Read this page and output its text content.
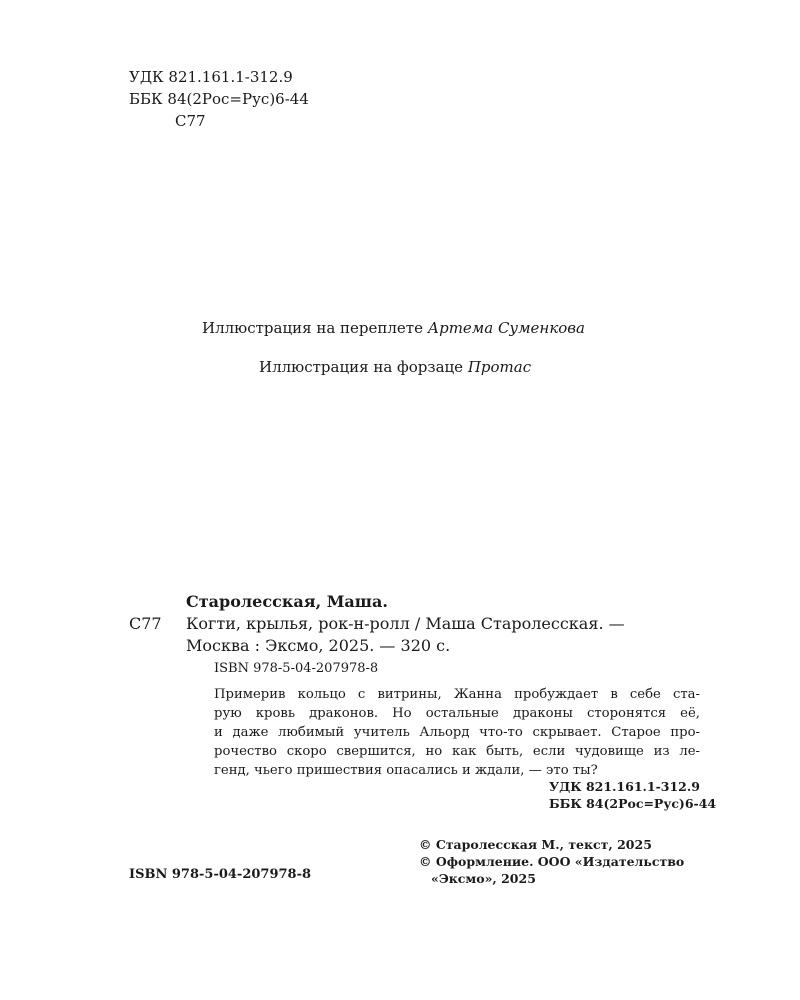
УДК 821.161.1-312.9
ББК 84(2Рос=Рус)6-44
С77
Иллюстрация на переплете Артема Суменкова
Иллюстрация на форзаце Протас
Старолесская, Маша.
С77 Когти, крылья, рок-н-ролл / Маша Старолесская. —
Москва : Эксмо, 2025. — 320 с.
ISBN 978-5-04-207978-8
Примерив кольцо с витрины, Жанна пробуждает в себе ста-
рую кровь драконов. Но остальные драконы сторонятся её,
и даже любимый учитель Альорд что-то скрывает. Старое про-
рочество скоро свершится, но как быть, если чудовище из ле-
генд, чьего пришествия опасались и ждали, — это ты?
УДК 821.161.1-312.9
ББК 84(2Рос=Рус)6-44
© Старолесская М., текст, 2025
© Оформление. ООО «Издательство
«Эксмо», 2025
ISBN 978-5-04-207978-8
